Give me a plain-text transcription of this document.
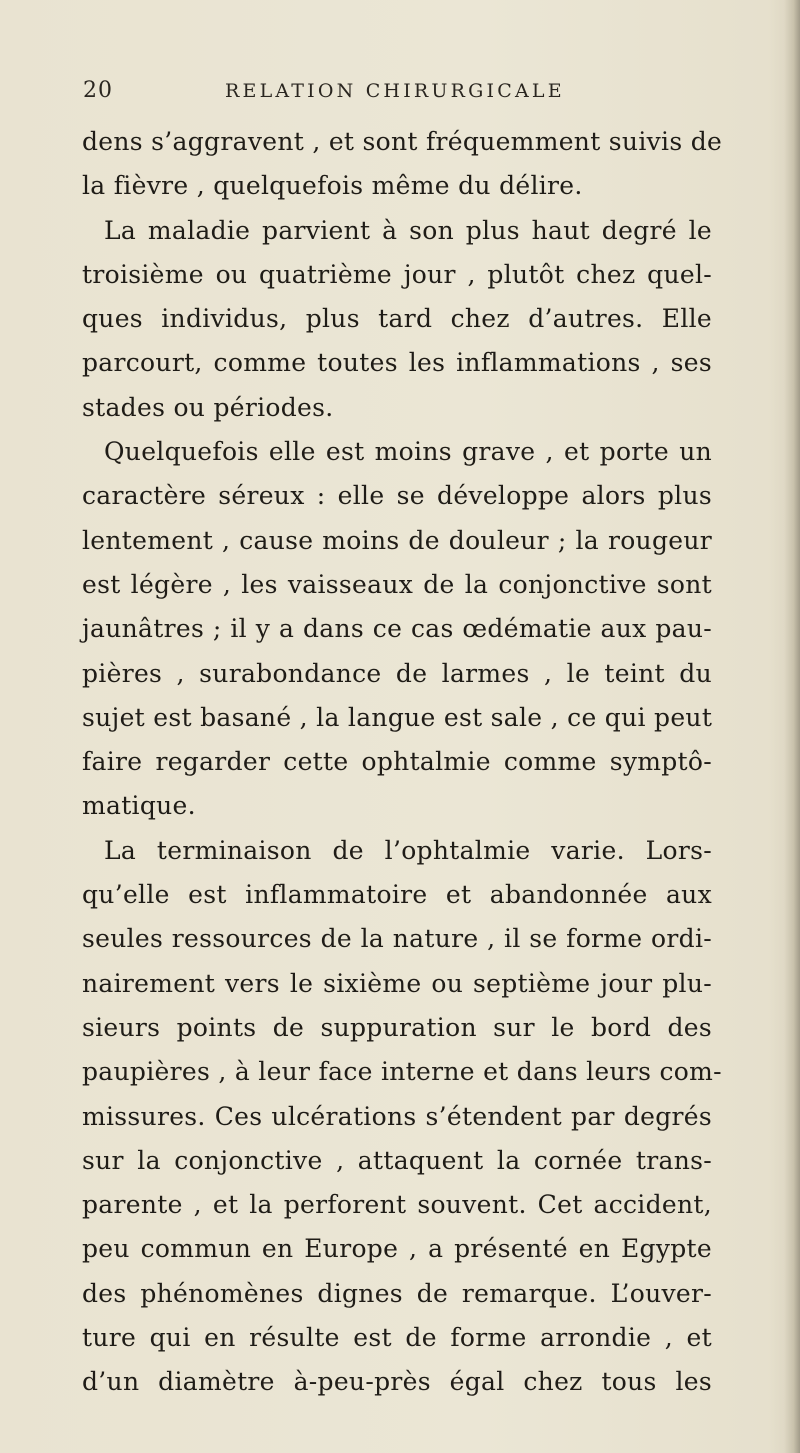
20	RELATION CHIRURGICALE
dens s’aggravent , et sont fréquemment suivis de
la fièvre , quelquefois même du délire.
La maladie parvient à son plus haut degré le
troisième ou quatrième jour , plutôt chez quel-
ques individus, plus tard chez d’autres. Elle
parcourt, comme toutes les inflammations , ses
stades ou périodes.
Quelquefois elle est moins grave , et porte un
caractère séreux : elle se développe alors plus
lentement , cause moins de douleur ; la rougeur
est légère , les vaisseaux de la conjonctive sont
jaunâtres ; il y a dans ce cas œdématie aux pau-
pières , surabondance de larmes , le teint du
sujet est basané , la langue est sale , ce qui peut
faire regarder cette ophtalmie comme symptô-
matique.
La terminaison de l’ophtalmie varie. Lors-
qu’elle est inflammatoire et abandonnée aux
seules ressources de la nature , il se forme ordi-
nairement vers le sixième ou septième jour plu-
sieurs points de suppuration sur le bord des
paupières , à leur face interne et dans leurs com-
missures. Ces ulcérations s’étendent par degrés
sur la conjonctive , attaquent la cornée trans-
parente , et la perforent souvent. Cet accident,
peu commun en Europe , a présenté en Egypte
des phénomènes dignes de remarque. L’ouver-
ture qui en résulte est de forme arrondie , et
d’un diamètre à-peu-près égal chez tous les
